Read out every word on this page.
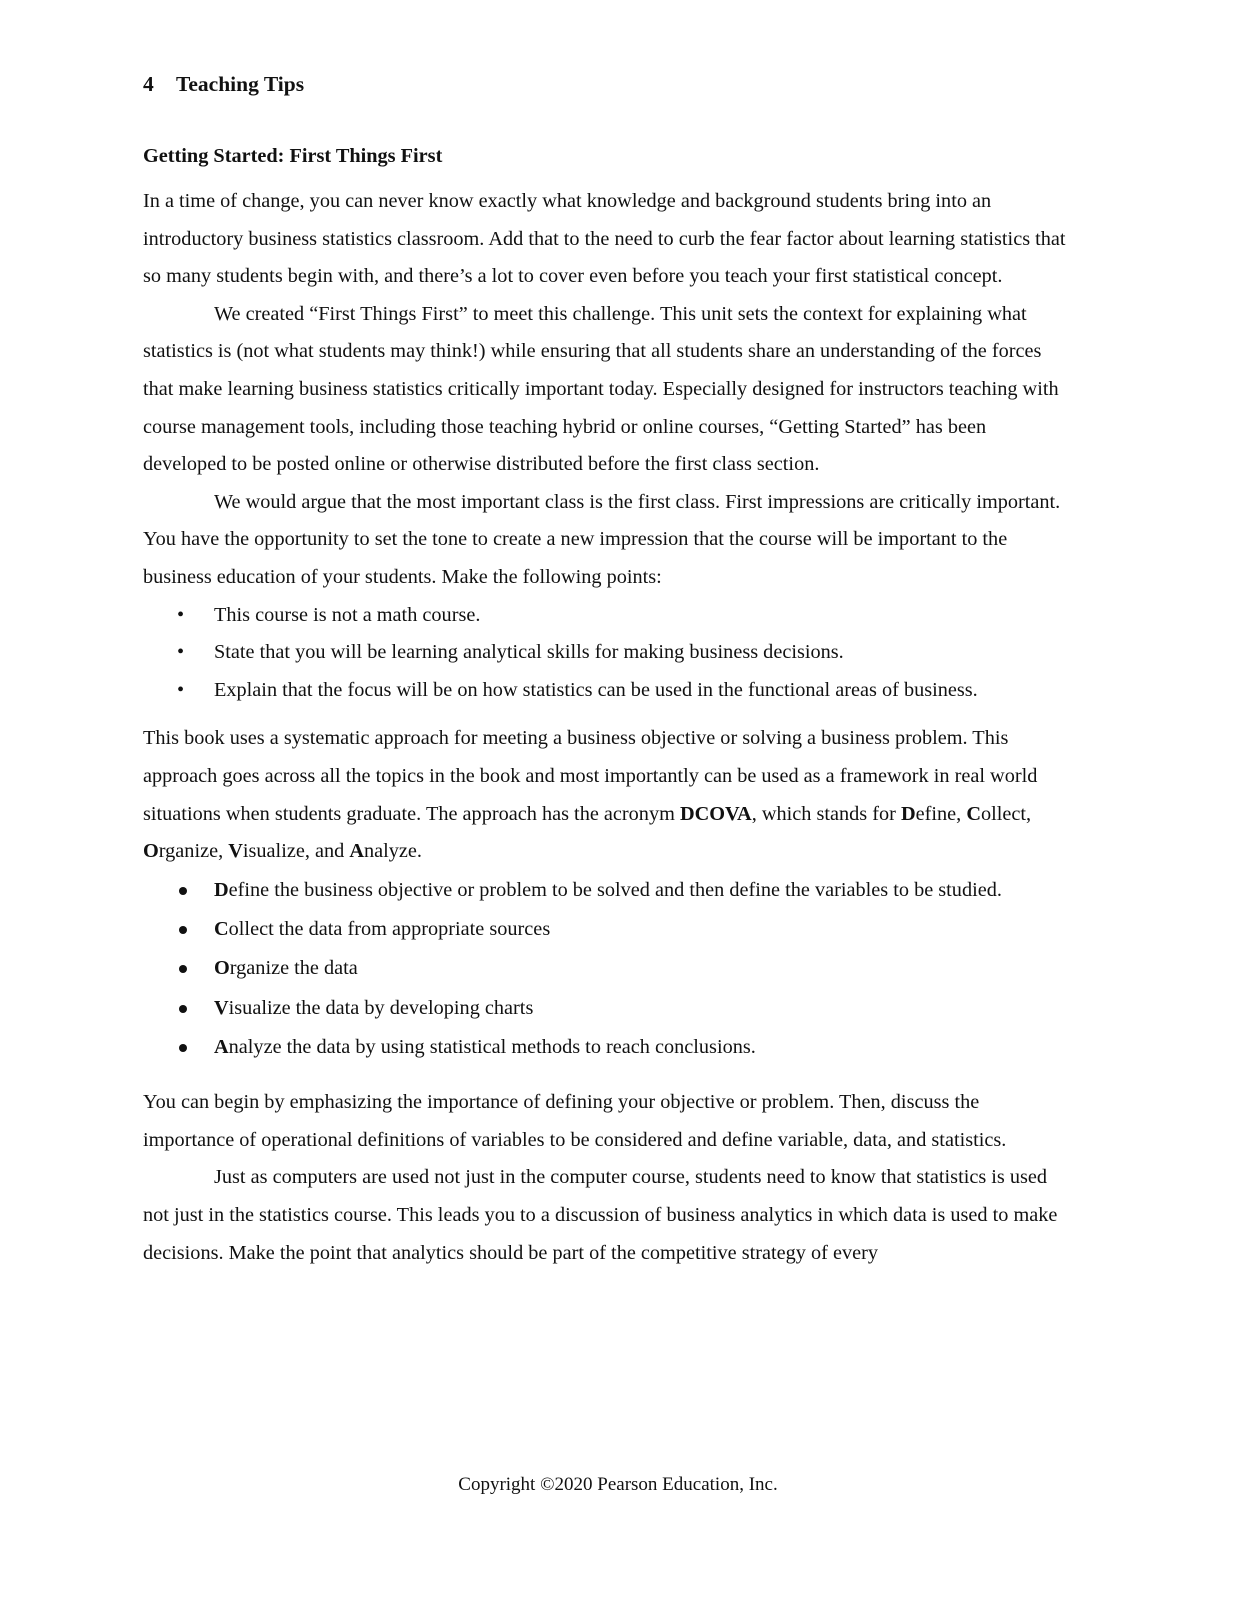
4 Teaching Tips
Getting Started: First Things First

In a time of change, you can never know exactly what knowledge and background students bring into an introductory business statistics classroom. Add that to the need to curb the fear factor about learning statistics that so many students begin with, and there’s a lot to cover even before you teach your first statistical concept.

We created “First Things First” to meet this challenge. This unit sets the context for explaining what statistics is (not what students may think!) while ensuring that all students share an understanding of the forces that make learning business statistics critically important today. Especially designed for instructors teaching with course management tools, including those teaching hybrid or online courses, “Getting Started” has been developed to be posted online or otherwise distributed before the first class section.

We would argue that the most important class is the first class. First impressions are critically important. You have the opportunity to set the tone to create a new impression that the course will be important to the business education of your students. Make the following points:

• This course is not a math course.
• State that you will be learning analytical skills for making business decisions.
• Explain that the focus will be on how statistics can be used in the functional areas of business.

This book uses a systematic approach for meeting a business objective or solving a business problem. This approach goes across all the topics in the book and most importantly can be used as a framework in real world situations when students graduate. The approach has the acronym DCOVA, which stands for Define, Collect, Organize, Visualize, and Analyze.

Define the business objective or problem to be solved and then define the variables to be studied.
Collect the data from appropriate sources
Organize the data
Visualize the data by developing charts
Analyze the data by using statistical methods to reach conclusions.

You can begin by emphasizing the importance of defining your objective or problem. Then, discuss the importance of operational definitions of variables to be considered and define variable, data, and statistics.

Just as computers are used not just in the computer course, students need to know that statistics is used not just in the statistics course. This leads you to a discussion of business analytics in which data is used to make decisions. Make the point that analytics should be part of the competitive strategy of every

Copyright ©2020 Pearson Education, Inc.
